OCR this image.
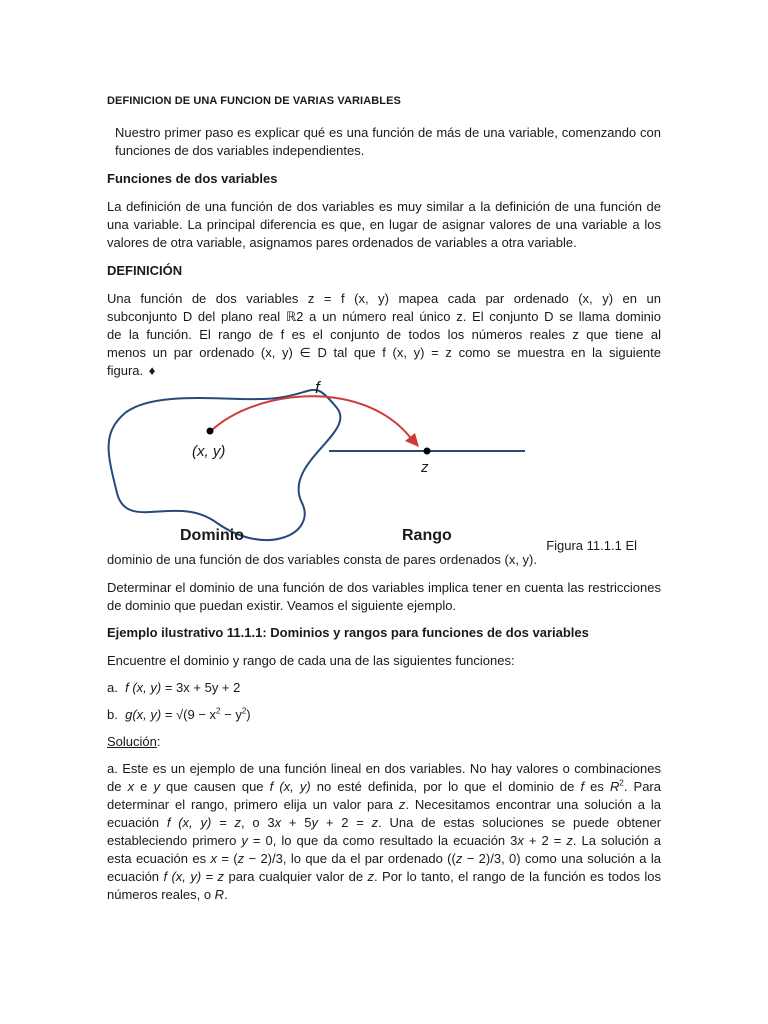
DEFINICION DE UNA FUNCION DE VARIAS VARIABLES

Nuestro primer paso es explicar qué es una función de más de una variable, comenzando con funciones de dos variables independientes.

Funciones de dos variables

La definición de una función de dos variables es muy similar a la definición de una función de una variable. La principal diferencia es que, en lugar de asignar valores de una variable a los valores de otra variable, asignamos pares ordenados de variables a otra variable.

DEFINICIÓN

Una función de dos variables z = f (x, y) mapea cada par ordenado (x, y) en un subconjunto D del plano real ℝ2 a un número real único z. El conjunto D se llama dominio de la función. El rango de f es el conjunto de todos los números reales z que tiene al menos un par ordenado (x, y) ∈ D tal que f (x, y) = z como se muestra en la siguiente figura. ♦

f
(x, y)
z
Dominio	Rango
Figura 11.1.1 El

dominio de una función de dos variables consta de pares ordenados (x, y).

Determinar el dominio de una función de dos variables implica tener en cuenta las restricciones de dominio que puedan existir. Veamos el siguiente ejemplo.

Ejemplo ilustrativo 11.1.1: Dominios y rangos para funciones de dos variables

Encuentre el dominio y rango de cada una de las siguientes funciones:

a. f (x, y) = 3x + 5y + 2

b. g(x, $y) = √(9 - x^2 - y^2)$

Solución:

a. Este es un ejemplo de una función lineal en dos variables. No hay valores o combinaciones de x e y que causen que f (x, y) no esté definida, por lo que el dominio de f es $R^2$. Para determinar el rango, primero elija un valor para z. Necesitamos encontrar una solución a la ecuación f (x, y) = z, o 3x + 5y + 2 = z. Una de estas soluciones se puede obtener estableciendo primero y = 0, lo que da como resultado la ecuación 3x + 2 = z. La solución a esta ecuación es x = (z − 2)/3, lo que da el par ordenado ((z − 2)/3, 0) como una solución a la ecuación f (x, y) = z para cualquier valor de z. Por lo tanto, el rango de la función es todos los números reales, o R.
